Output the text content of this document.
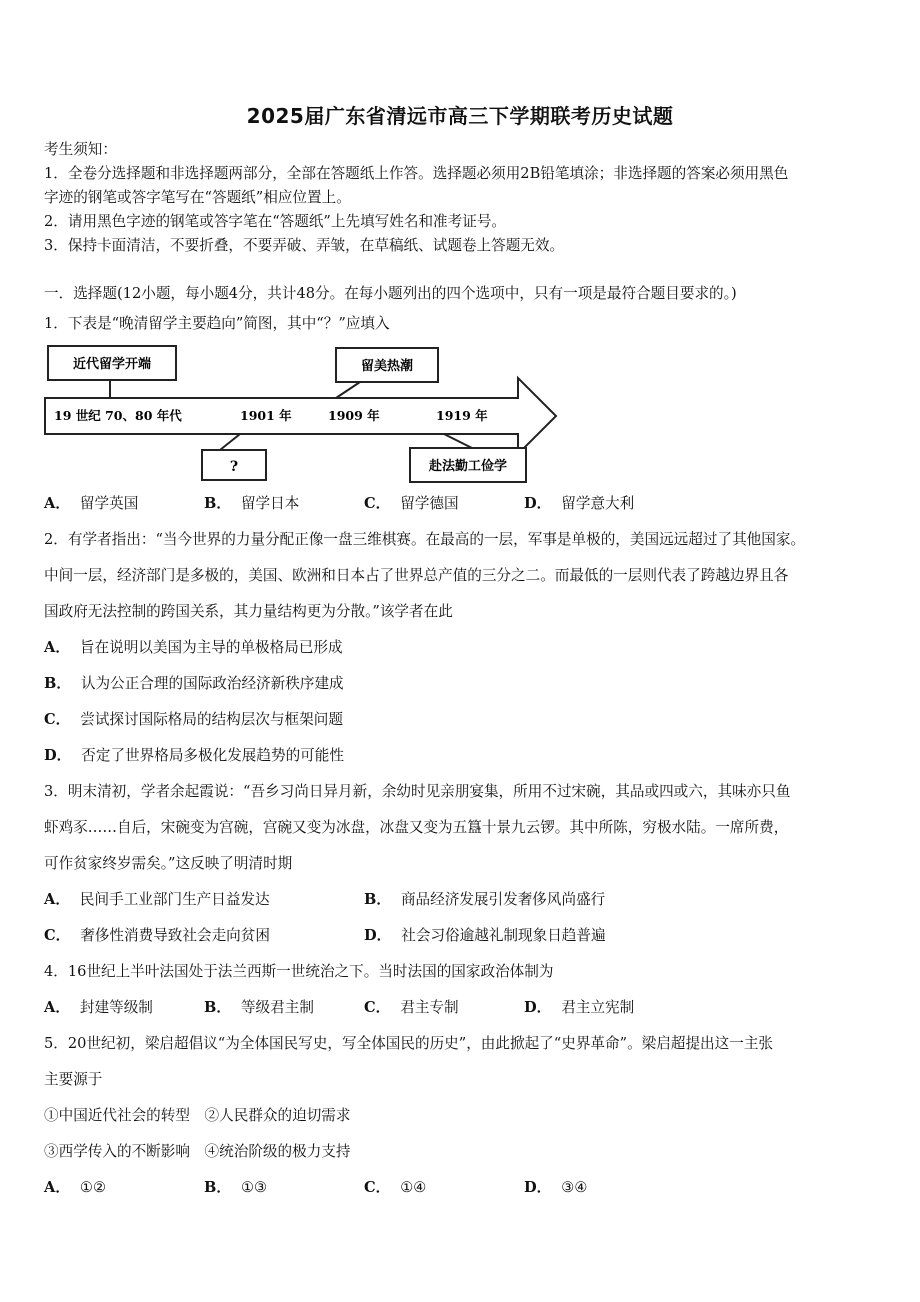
2025届广东省清远市高三下学期联考历史试题
考生须知：
1．全卷分选择题和非选择题两部分，全部在答题纸上作答。选择题必须用2B铅笔填涂；非选择题的答案必须用黑色
字迹的钢笔或答字笔写在“答题纸”相应位置上。
2．请用黑色字迹的钢笔或答字笔在“答题纸”上先填写姓名和准考证号。
3．保持卡面清洁，不要折叠，不要弄破、弄皱，在草稿纸、试题卷上答题无效。
一．选择题(12小题，每小题4分，共计48分。在每小题列出的四个选项中，只有一项是最符合题目要求的。)
1．下表是“晚清留学主要趋向”简图，其中“？”应填入
近代留学开端	留美热潮
?	赴法勤工俭学
19 世纪 70、80 年代	1901 年	1909 年	1919 年
A． 留学英国	B． 留学日本	C． 留学德国	D． 留学意大利
2．有学者指出：“当今世界的力量分配正像一盘三维棋赛。在最高的一层，军事是单极的，美国远远超过了其他国家。
中间一层，经济部门是多极的，美国、欧洲和日本占了世界总产值的三分之二。而最低的一层则代表了跨越边界且各
国政府无法控制的跨国关系，其力量结构更为分散。”该学者在此
A． 旨在说明以美国为主导的单极格局已形成
B． 认为公正合理的国际政治经济新秩序建成
C． 尝试探讨国际格局的结构层次与框架问题
D． 否定了世界格局多极化发展趋势的可能性
3．明末清初，学者余起霞说：“吾乡习尚日异月新，余幼时见亲朋宴集，所用不过宋碗，其品或四或六，其味亦只鱼
虾鸡豕……自后，宋碗变为宫碗，宫碗又变为冰盘，冰盘又变为五簋十景九云锣。其中所陈，穷极水陆。一席所费，
可作贫家终岁需矣。”这反映了明清时期
A． 民间手工业部门生产日益发达	B． 商品经济发展引发奢侈风尚盛行
C． 奢侈性消费导致社会走向贫困	D． 社会习俗逾越礼制现象日趋普遍
4．16世纪上半叶法国处于法兰西斯一世统治之下。当时法国的国家政治体制为
A． 封建等级制	B． 等级君主制	C． 君主专制	D． 君主立宪制
5．20世纪初，梁启超倡议“为全体国民写史，写全体国民的历史”，由此掀起了“史界革命”。梁启超提出这一主张
主要源于
①中国近代社会的转型　②人民群众的迫切需求
③西学传入的不断影响　④统治阶级的极力支持
A． ①②	B． ①③	C． ①④	D． ③④
